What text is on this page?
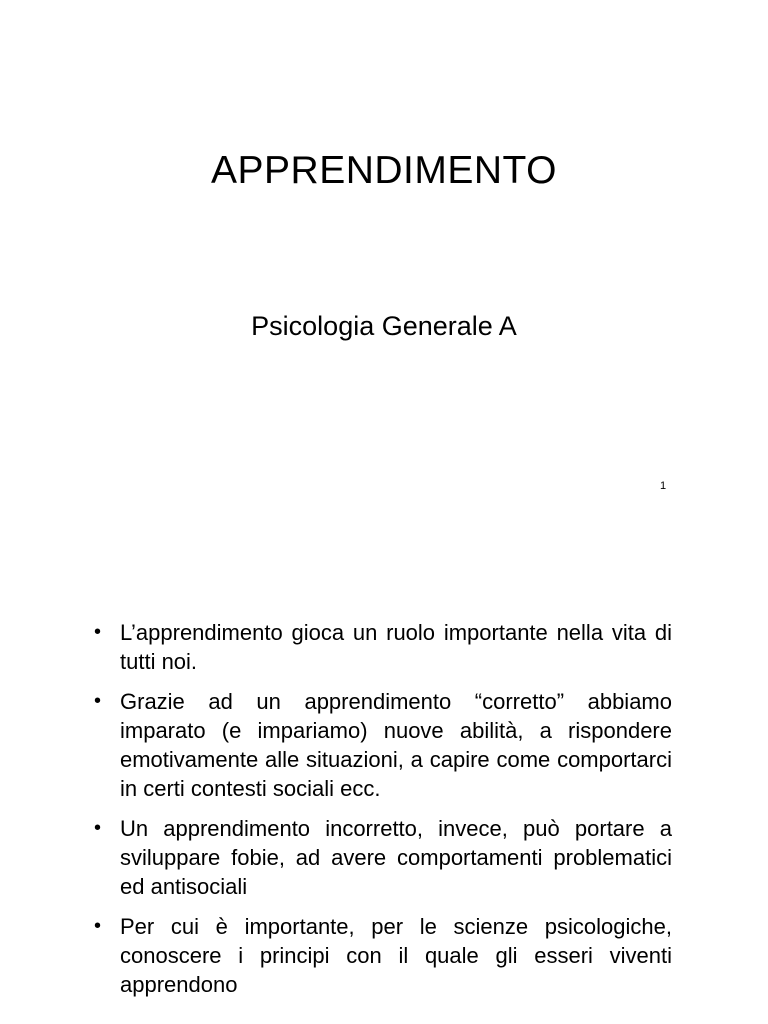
APPRENDIMENTO
Psicologia Generale A
1
• L’apprendimento gioca un ruolo importante nella vita di tutti noi.
• Grazie ad un apprendimento “corretto” abbiamo imparato (e impariamo) nuove abilità, a rispondere emotivamente alle situazioni, a capire come comportarci in certi contesti sociali ecc.
• Un apprendimento incorretto, invece, può portare a sviluppare fobie, ad avere comportamenti problematici ed antisociali
• Per cui è importante, per le scienze psicologiche, conoscere i principi con il quale gli esseri viventi apprendono
